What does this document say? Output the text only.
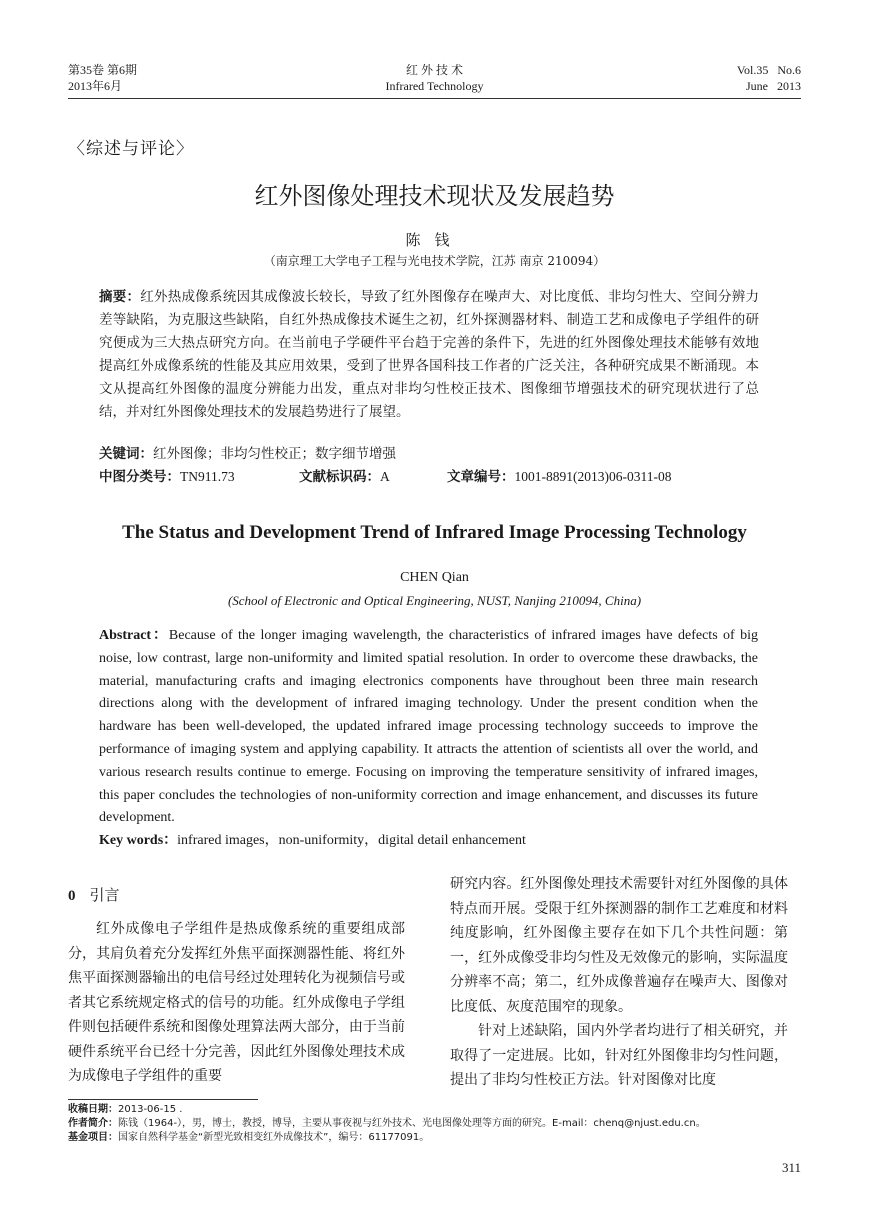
第35卷 第6期
2013年6月
红 外 技 术
Infrared Technology
Vol.35   No.6
June   2013
〈综述与评论〉
红外图像处理技术现状及发展趋势
陈钱
（南京理工大学电子工程与光电技术学院，江苏 南京 210094）
摘要：红外热成像系统因其成像波长较长，导致了红外图像存在噪声大、对比度低、非均匀性大、空间分辨力差等缺陷，为克服这些缺陷，自红外热成像技术诞生之初，红外探测器材料、制造工艺和成像电子学组件的研究便成为三大热点研究方向。在当前电子学硬件平台趋于完善的条件下，先进的红外图像处理技术能够有效地提高红外成像系统的性能及其应用效果，受到了世界各国科技工作者的广泛关注，各种研究成果不断涌现。本文从提高红外图像的温度分辨能力出发，重点对非均匀性校正技术、图像细节增强技术的研究现状进行了总结，并对红外图像处理技术的发展趋势进行了展望。
关键词：红外图像；非均匀性校正；数字细节增强
中图分类号：TN911.73	文献标识码：A	文章编号：1001-8891(2013)06-0311-08
The Status and Development Trend of Infrared Image Processing Technology
CHEN Qian
(School of Electronic and Optical Engineering, NUST, Nanjing 210094, China)
Abstract：Because of the longer imaging wavelength, the characteristics of infrared images have defects of big noise, low contrast, large non-uniformity and limited spatial resolution. In order to overcome these drawbacks, the material, manufacturing crafts and imaging electronics components have throughout been three main research directions along with the development of infrared imaging technology. Under the present condition when the hardware has been well-developed, the updated infrared image processing technology succeeds to improve the performance of imaging system and applying capability. It attracts the attention of scientists all over the world, and various research results continue to emerge. Focusing on improving the temperature sensitivity of infrared images, this paper concludes the technologies of non-uniformity correction and image enhancement, and discusses its future development.
Key words：infrared images，non-uniformity，digital detail enhancement
0 引言

红外成像电子学组件是热成像系统的重要组成部分，其肩负着充分发挥红外焦平面探测器性能、将红外焦平面探测器输出的电信号经过处理转化为视频信号或者其它系统规定格式的信号的功能。红外成像电子学组件则包括硬件系统和图像处理算法两大部分，由于当前硬件系统平台已经十分完善，因此红外图像处理技术成为成像电子学组件的重要

研究内容。红外图像处理技术需要针对红外图像的具体特点而开展。受限于红外探测器的制作工艺难度和材料纯度影响，红外图像主要存在如下几个共性问题：第一，红外成像受非均匀性及无效像元的影响，实际温度分辨率不高；第二，红外成像普遍存在噪声大、图像对比度低、灰度范围窄的现象。

针对上述缺陷，国内外学者均进行了相关研究，并取得了一定进展。比如，针对红外图像非均匀性问题，提出了非均匀性校正方法。针对图像对比度

收稿日期：2013-06-15 .
作者简介：陈钱（1964-），男，博士，教授，博导，主要从事夜视与红外技术、光电图像处理等方面的研究。E-mail：chenq@njust.edu.cn。
基金项目：国家自然科学基金“新型光致相变红外成像技术”，编号：61177091。
311
